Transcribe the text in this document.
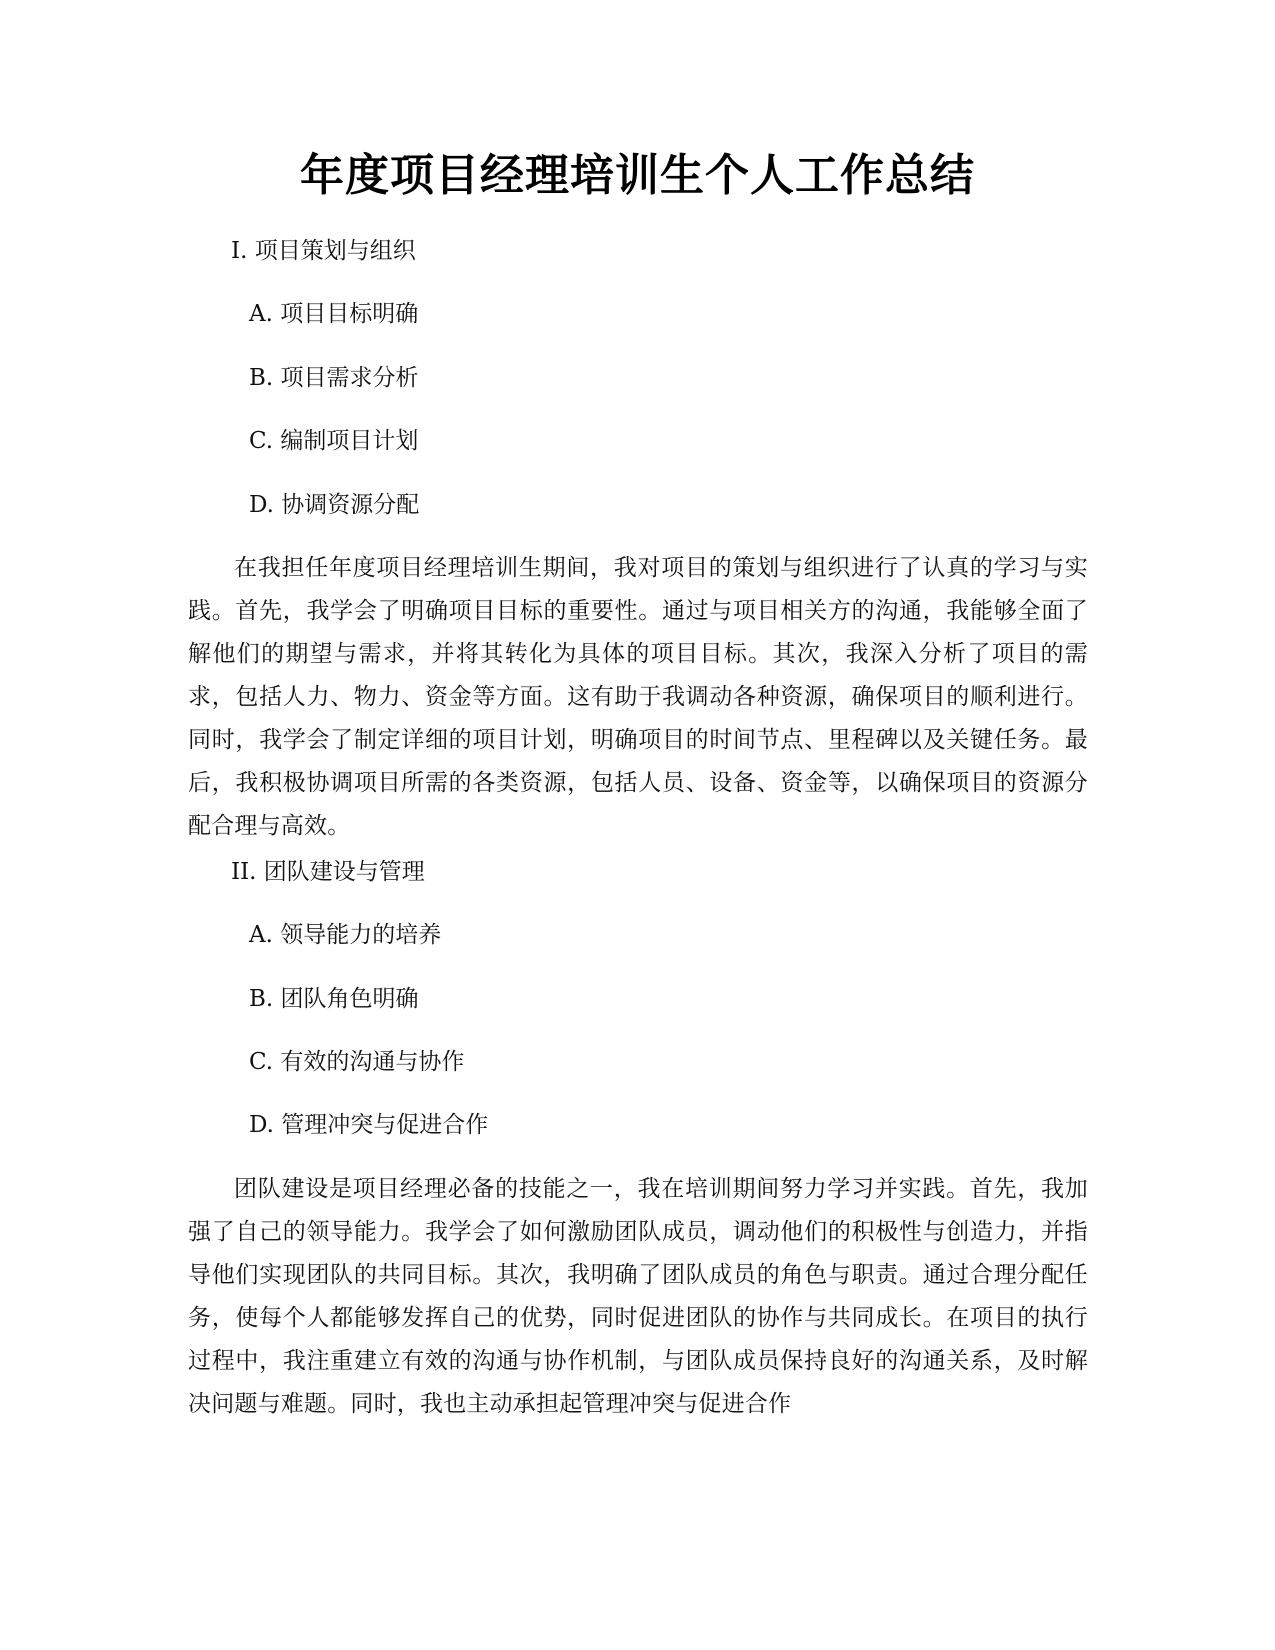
年度项目经理培训生个人工作总结

I. 项目策划与组织

A. 项目目标明确

B. 项目需求分析

C. 编制项目计划

D. 协调资源分配

在我担任年度项目经理培训生期间，我对项目的策划与组织进行了认真的学习与实践。首先，我学会了明确项目目标的重要性。通过与项目相关方的沟通，我能够全面了解他们的期望与需求，并将其转化为具体的项目目标。其次，我深入分析了项目的需求，包括人力、物力、资金等方面。这有助于我调动各种资源，确保项目的顺利进行。同时，我学会了制定详细的项目计划，明确项目的时间节点、里程碑以及关键任务。最后，我积极协调项目所需的各类资源，包括人员、设备、资金等，以确保项目的资源分配合理与高效。

II. 团队建设与管理

A. 领导能力的培养

B. 团队角色明确

C. 有效的沟通与协作

D. 管理冲突与促进合作

团队建设是项目经理必备的技能之一，我在培训期间努力学习并实践。首先，我加强了自己的领导能力。我学会了如何激励团队成员，调动他们的积极性与创造力，并指导他们实现团队的共同目标。其次，我明确了团队成员的角色与职责。通过合理分配任务，使每个人都能够发挥自己的优势，同时促进团队的协作与共同成长。在项目的执行过程中，我注重建立有效的沟通与协作机制，与团队成员保持良好的沟通关系，及时解决问题与难题。同时，我也主动承担起管理冲突与促进合作
